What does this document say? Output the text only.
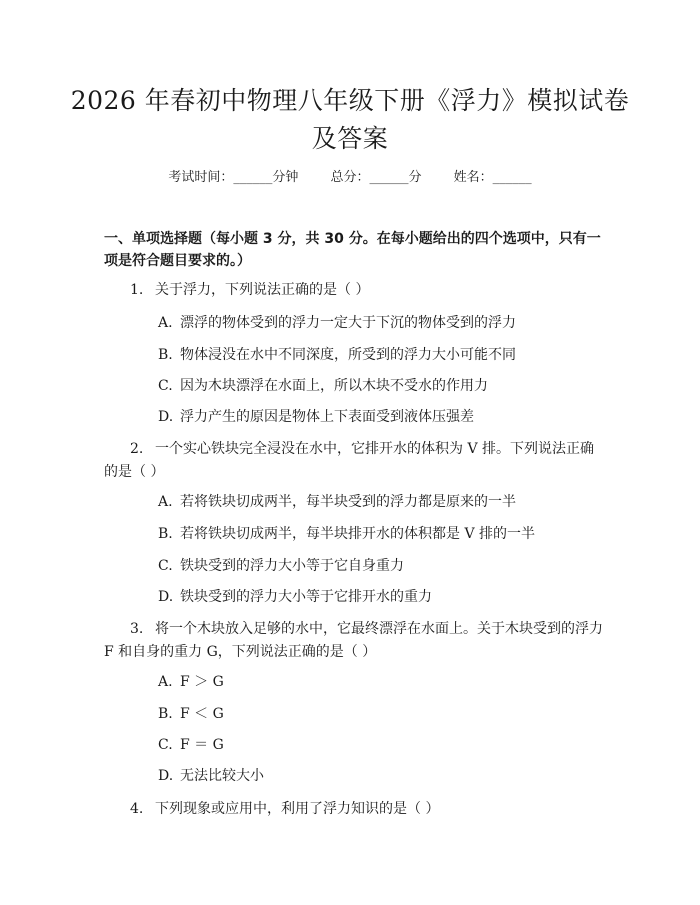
2026 年春初中物理八年级下册《浮力》模拟试卷及答案
考试时间：______分钟 总分：______分 姓名：______
一、单项选择题（每小题 3 分，共 30 分。在每小题给出的四个选项中，只有一项是符合题目要求的。）
1. 关于浮力，下列说法正确的是（ ）
A. 漂浮的物体受到的浮力一定大于下沉的物体受到的浮力
B. 物体浸没在水中不同深度，所受到的浮力大小可能不同
C. 因为木块漂浮在水面上，所以木块不受水的作用力
D. 浮力产生的原因是物体上下表面受到液体压强差
2. 一个实心铁块完全浸没在水中，它排开水的体积为 V 排。下列说法正确的是（ ）
A. 若将铁块切成两半，每半块受到的浮力都是原来的一半
B. 若将铁块切成两半，每半块排开水的体积都是 V 排的一半
C. 铁块受到的浮力大小等于它自身重力
D. 铁块受到的浮力大小等于它排开水的重力
3. 将一个木块放入足够的水中，它最终漂浮在水面上。关于木块受到的浮力 F 和自身的重力 G，下列说法正确的是（ ）
A. F ＞ G
B. F ＜ G
C. F ＝ G
D. 无法比较大小
4. 下列现象或应用中，利用了浮力知识的是（ ）
